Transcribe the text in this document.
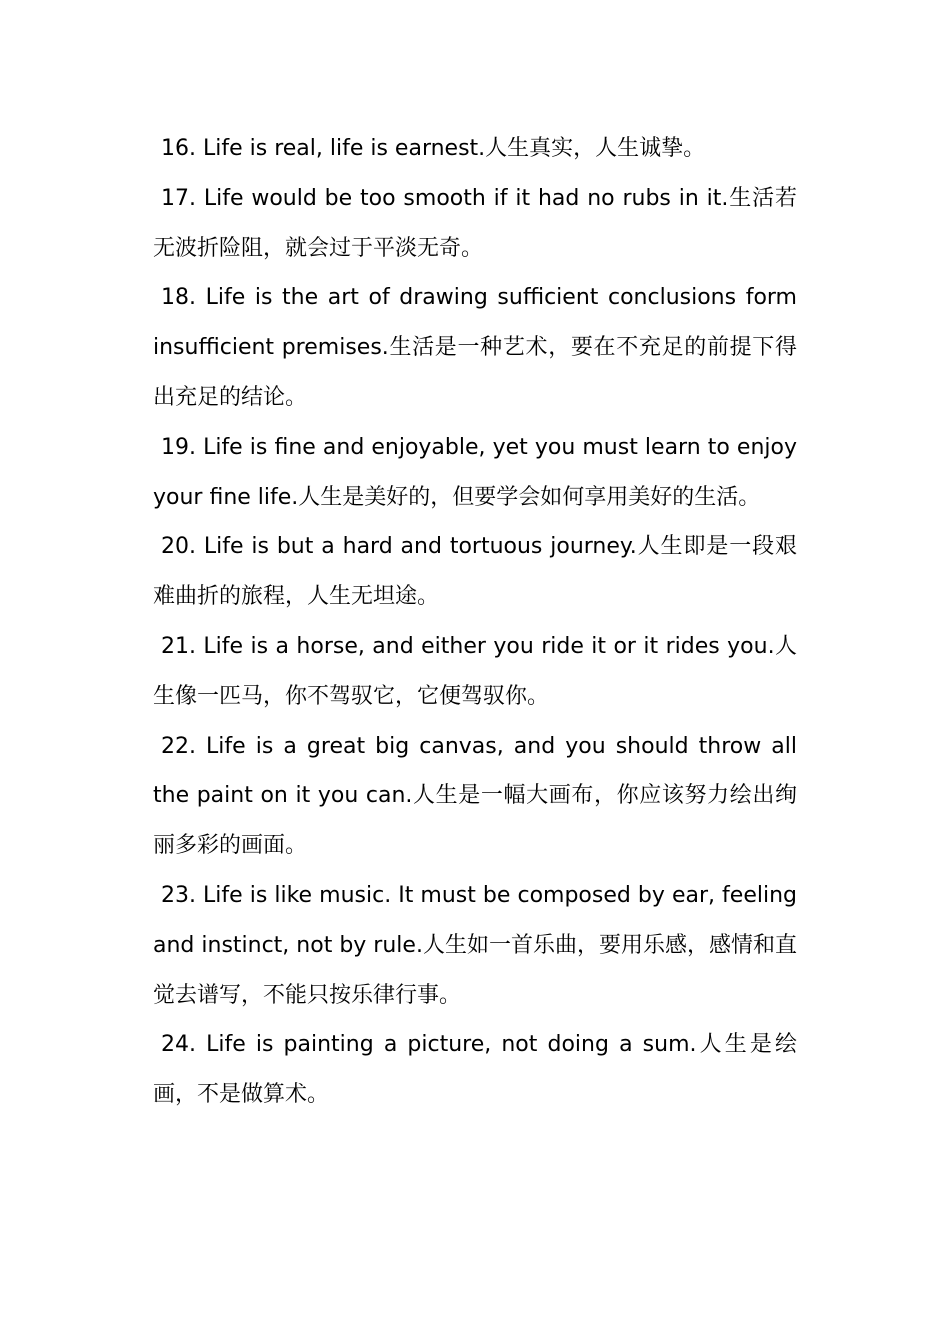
16. Life is real, life is earnest.人生真实，人生诚挚。

17. Life would be too smooth if it had no rubs in it.生活若无波折险阻，就会过于平淡无奇。

18. Life is the art of drawing sufficient conclusions form insufficient premises.生活是一种艺术，要在不充足的前提下得出充足的结论。

19. Life is fine and enjoyable, yet you must learn to enjoy your fine life.人生是美好的，但要学会如何享用美好的生活。

20. Life is but a hard and tortuous journey.人生即是一段艰难曲折的旅程，人生无坦途。

21. Life is a horse, and either you ride it or it rides you.人生像一匹马，你不驾驭它，它便驾驭你。

22. Life is a great big canvas, and you should throw all the paint on it you can.人生是一幅大画布，你应该努力绘出绚丽多彩的画面。

23. Life is like music. It must be composed by ear, feeling and instinct, not by rule.人生如一首乐曲，要用乐感，感情和直觉去谱写，不能只按乐律行事。

24. Life is painting a picture, not doing a sum.人生是绘画，不是做算术。
